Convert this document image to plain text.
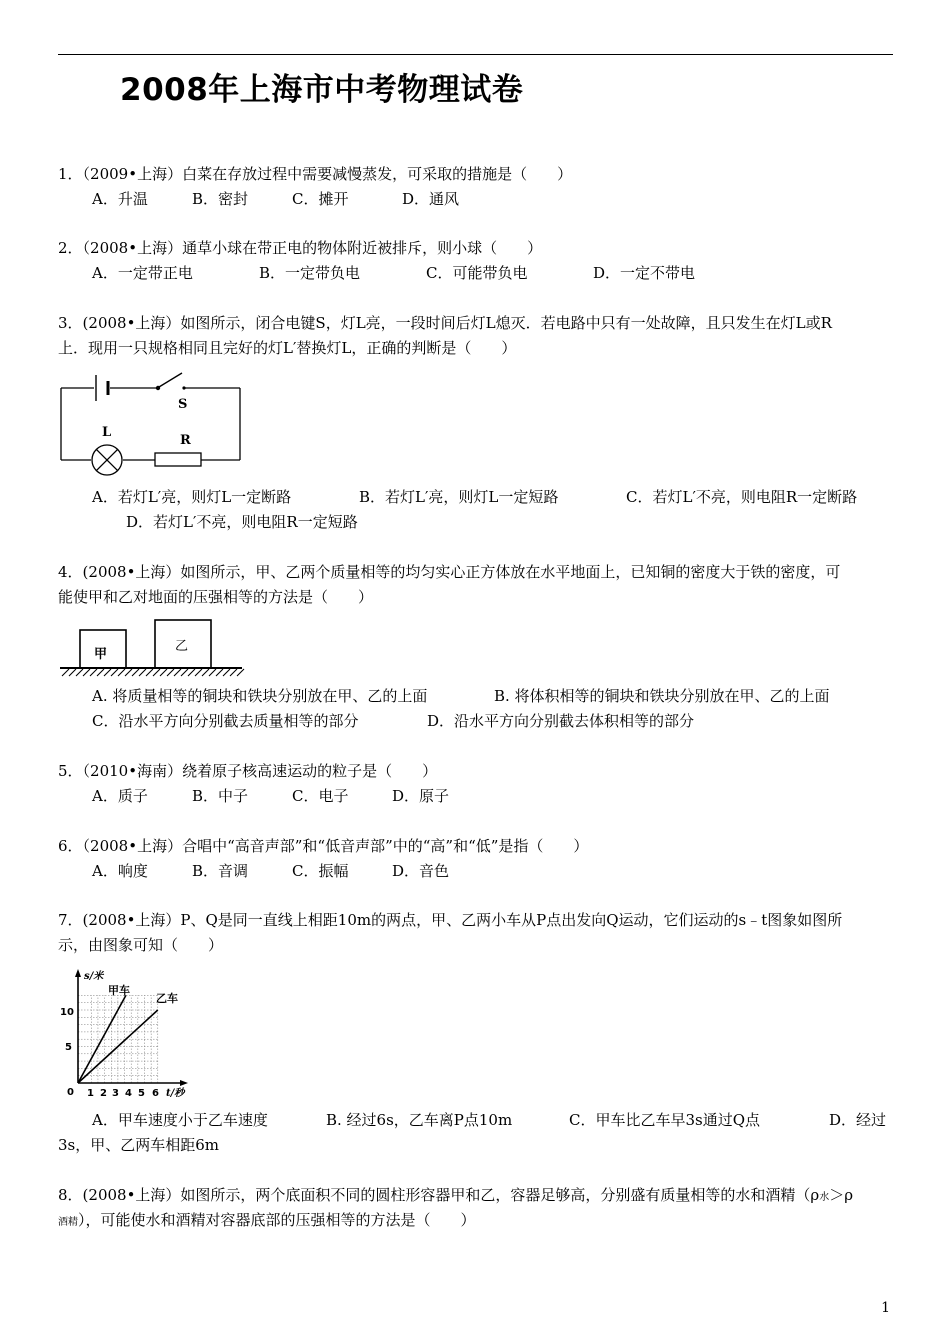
2008年上海市中考物理试卷
1．（2009•上海）白菜在存放过程中需要减慢蒸发，可采取的措施是（　　）
A．升温	B．密封	C．摊开	D．通风
2．（2008•上海）通草小球在带正电的物体附近被排斥，则小球（　　）
A．一定带正电	B．一定带负电	C．可能带负电	D．一定不带电
3．(2008•上海）如图所示，闭合电键S，灯L亮，一段时间后灯L熄灭．若电路中只有一处故障，且只发生在灯L或R
上．现用一只规格相同且完好的灯L′替换灯L，正确的判断是（　　）
S
L
R
A．若灯L′亮，则灯L一定断路	B．若灯L′亮，则灯L一定短路	C．若灯L′不亮，则电阻R一定断路
D．若灯L′不亮，则电阻R一定短路
4．(2008•上海）如图所示，甲、乙两个质量相等的均匀实心正方体放在水平地面上，已知铜的密度大于铁的密度，可
能使甲和乙对地面的压强相等的方法是（　　）
甲
乙
A. 将质量相等的铜块和铁块分别放在甲、乙的上面	B. 将体积相等的铜块和铁块分别放在甲、乙的上面
C．沿水平方向分别截去质量相等的部分	D．沿水平方向分别截去体积相等的部分
5．（2010•海南）绕着原子核高速运动的粒子是（　　）
A．质子	B．中子	C．电子	D．原子
6．（2008•上海）合唱中“高音声部”和“低音声部”中的“高”和“低”是指（　　）
A．响度	B．音调	C．振幅	D．音色
7．(2008•上海）P、Q是同一直线上相距10m的两点，甲、乙两小车从P点出发向Q运动，它们运动的s﹣t图象如图所
示，由图象可知（　　）
s/米
t/秒
10
5
0 1 2 3 4 5 6
甲车
乙车
A．甲车速度小于乙车速度	B. 经过6s，乙车离P点10m	C．甲车比乙车早3s通过Q点	D．经过
3s，甲、乙两车相距6m
8．(2008•上海）如图所示，两个底面积不同的圆柱形容器甲和乙，容器足够高，分别盛有质量相等的水和酒精（ρ水＞ρ
酒精），可能使水和酒精对容器底部的压强相等的方法是（　　）
1
